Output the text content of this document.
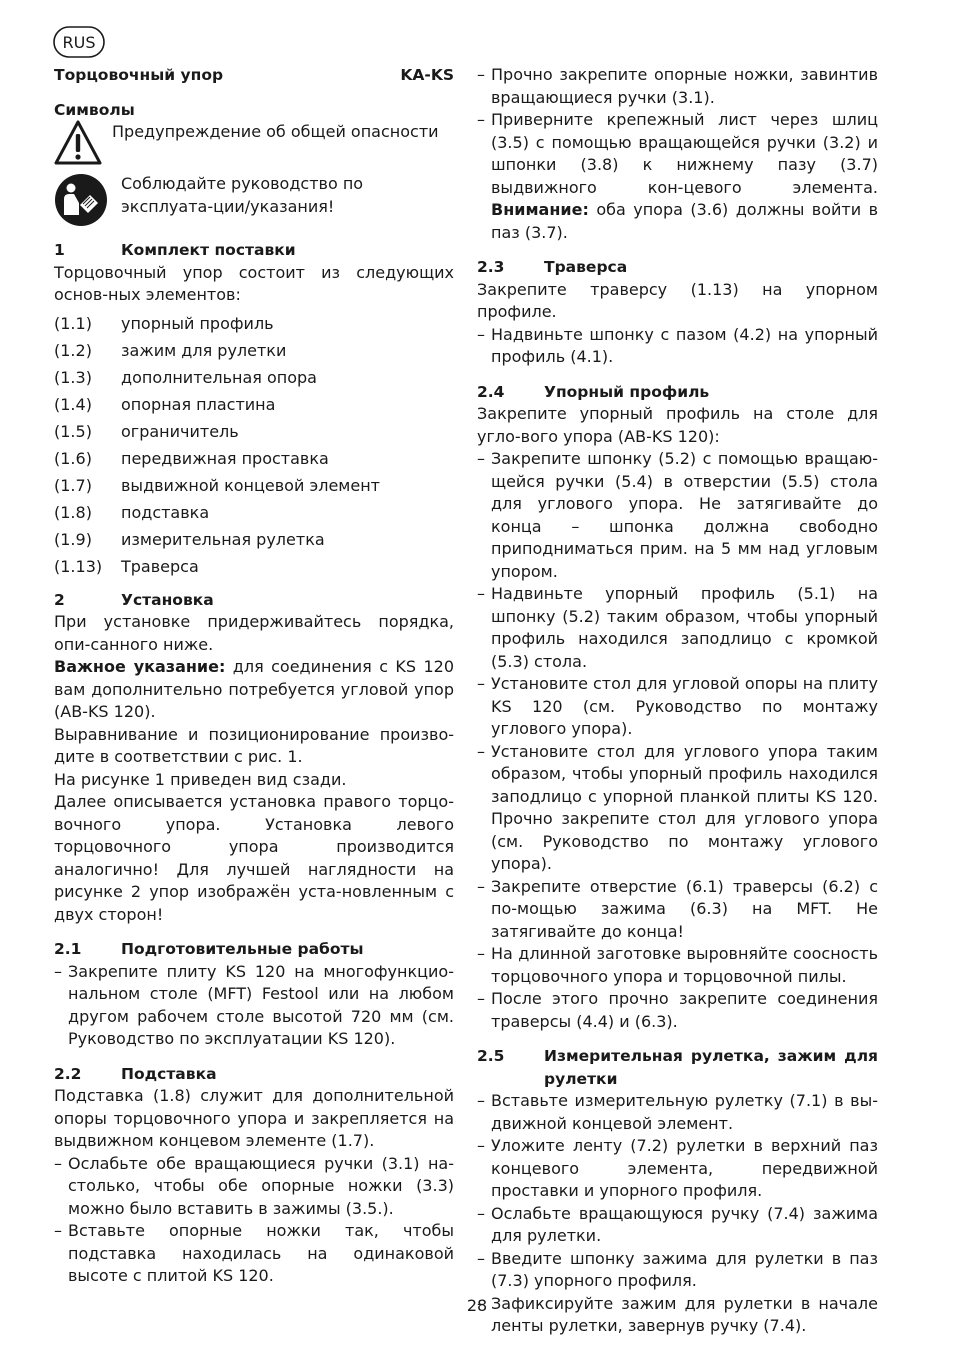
RUS
Торцовочный упор	KA-KS
Символы
Предупреждение об общей опасности
Соблюдайте руководство по эксплуата-ции/указания!
1	Комплект поставки

Торцовочный упор состоит из следующих основ-ных элементов:

(1.1)	упорный профиль
(1.2)	зажим для рулетки
(1.3)	дополнительная опора
(1.4)	опорная пластина
(1.5)	ограничитель
(1.6)	передвижная проставка
(1.7)	выдвижной концевой элемент
(1.8)	подставка
(1.9)	измерительная рулетка
(1.13)	Траверса
2	Установка

При установке придерживайтесь порядка, опи-санного ниже.

Важное указание: для соединения с KS 120 вам дополнительно потребуется угловой упор (AB-KS 120).

Выравнивание и позиционирование произво-дите в соответствии с рис. 1.

На рисунке 1 приведен вид сзади.

Далее описывается установка правого торцо-вочного упора. Установка левого торцовочного упора производится аналогично! Для лучшей наглядности на рисунке 2 упор изображён уста-новленным с двух сторон!

2.1	Подготовительные работы
– Закрепите плиту KS 120 на многофункцио-нальном столе (MFT) Festool или на любом другом рабочем столе высотой 720 мм (см. Руководство по эксплуатации KS 120).
2.2	Подставка

Подставка (1.8) служит для дополнительной опоры торцовочного упора и закрепляется на выдвижном концевом элементе (1.7).

– Ослабьте обе вращающиеся ручки (3.1) на-столько, чтобы обе опорные ножки (3.3) можно было вставить в зажимы (3.5.).
– Вставьте опорные ножки так, чтобы подставка находилась на одинаковой высоте с плитой KS 120.
– Прочно закрепите опорные ножки, завинтив вращающиеся ручки (3.1).
– Приверните крепежный лист через шлиц (3.5) с помощью вращающейся ручки (3.2) и шпонки (3.8) к нижнему пазу (3.7) выдвижного кон-цевого элемента. Внимание: оба упора (3.6) должны войти в паз (3.7).
2.3	Траверса

Закрепите траверсу (1.13) на упорном профиле.

– Надвиньте шпонку с пазом (4.2) на упорный профиль (4.1).
2.4	Упорный профиль

Закрепите упорный профиль на столе для угло-вого упора (AB-KS 120):

– Закрепите шпонку (5.2) с помощью вращаю-щейся ручки (5.4) в отверстии (5.5) стола для углового упора. Не затягивайте до конца – шпонка должна свободно приподниматься прим. на 5 мм над угловым упором.
– Надвиньте упорный профиль (5.1) на шпонку (5.2) таким образом, чтобы упорный профиль находился заподлицо с кромкой (5.3) стола.
– Установите стол для угловой опоры на плиту KS 120 (см. Руководство по монтажу углового упора).
– Установите стол для углового упора таким образом, чтобы упорный профиль находился заподлицо с упорной планкой плиты KS 120. Прочно закрепите стол для углового упора (см. Руководство по монтажу углового упора).
– Закрепите отверстие (6.1) траверсы (6.2) с по-мощью зажима (6.3) на MFT. Не затягивайте до конца!
– На длинной заготовке выровняйте соосность торцовочного упора и торцовочной пилы.
– После этого прочно закрепите соединения траверсы (4.4) и (6.3).
2.5	Измерительная рулетка, зажим для рулетки
– Вставьте измерительную рулетку (7.1) в вы-движной концевой элемент.
– Уложите ленту (7.2) рулетки в верхний паз концевого элемента, передвижной проставки и упорного профиля.
– Ослабьте вращающуюся ручку (7.4) зажима для рулетки.
– Введите шпонку зажима для рулетки в паз (7.3) упорного профиля.
– Зафиксируйте зажим для рулетки в начале ленты рулетки, завернув ручку (7.4).
28
